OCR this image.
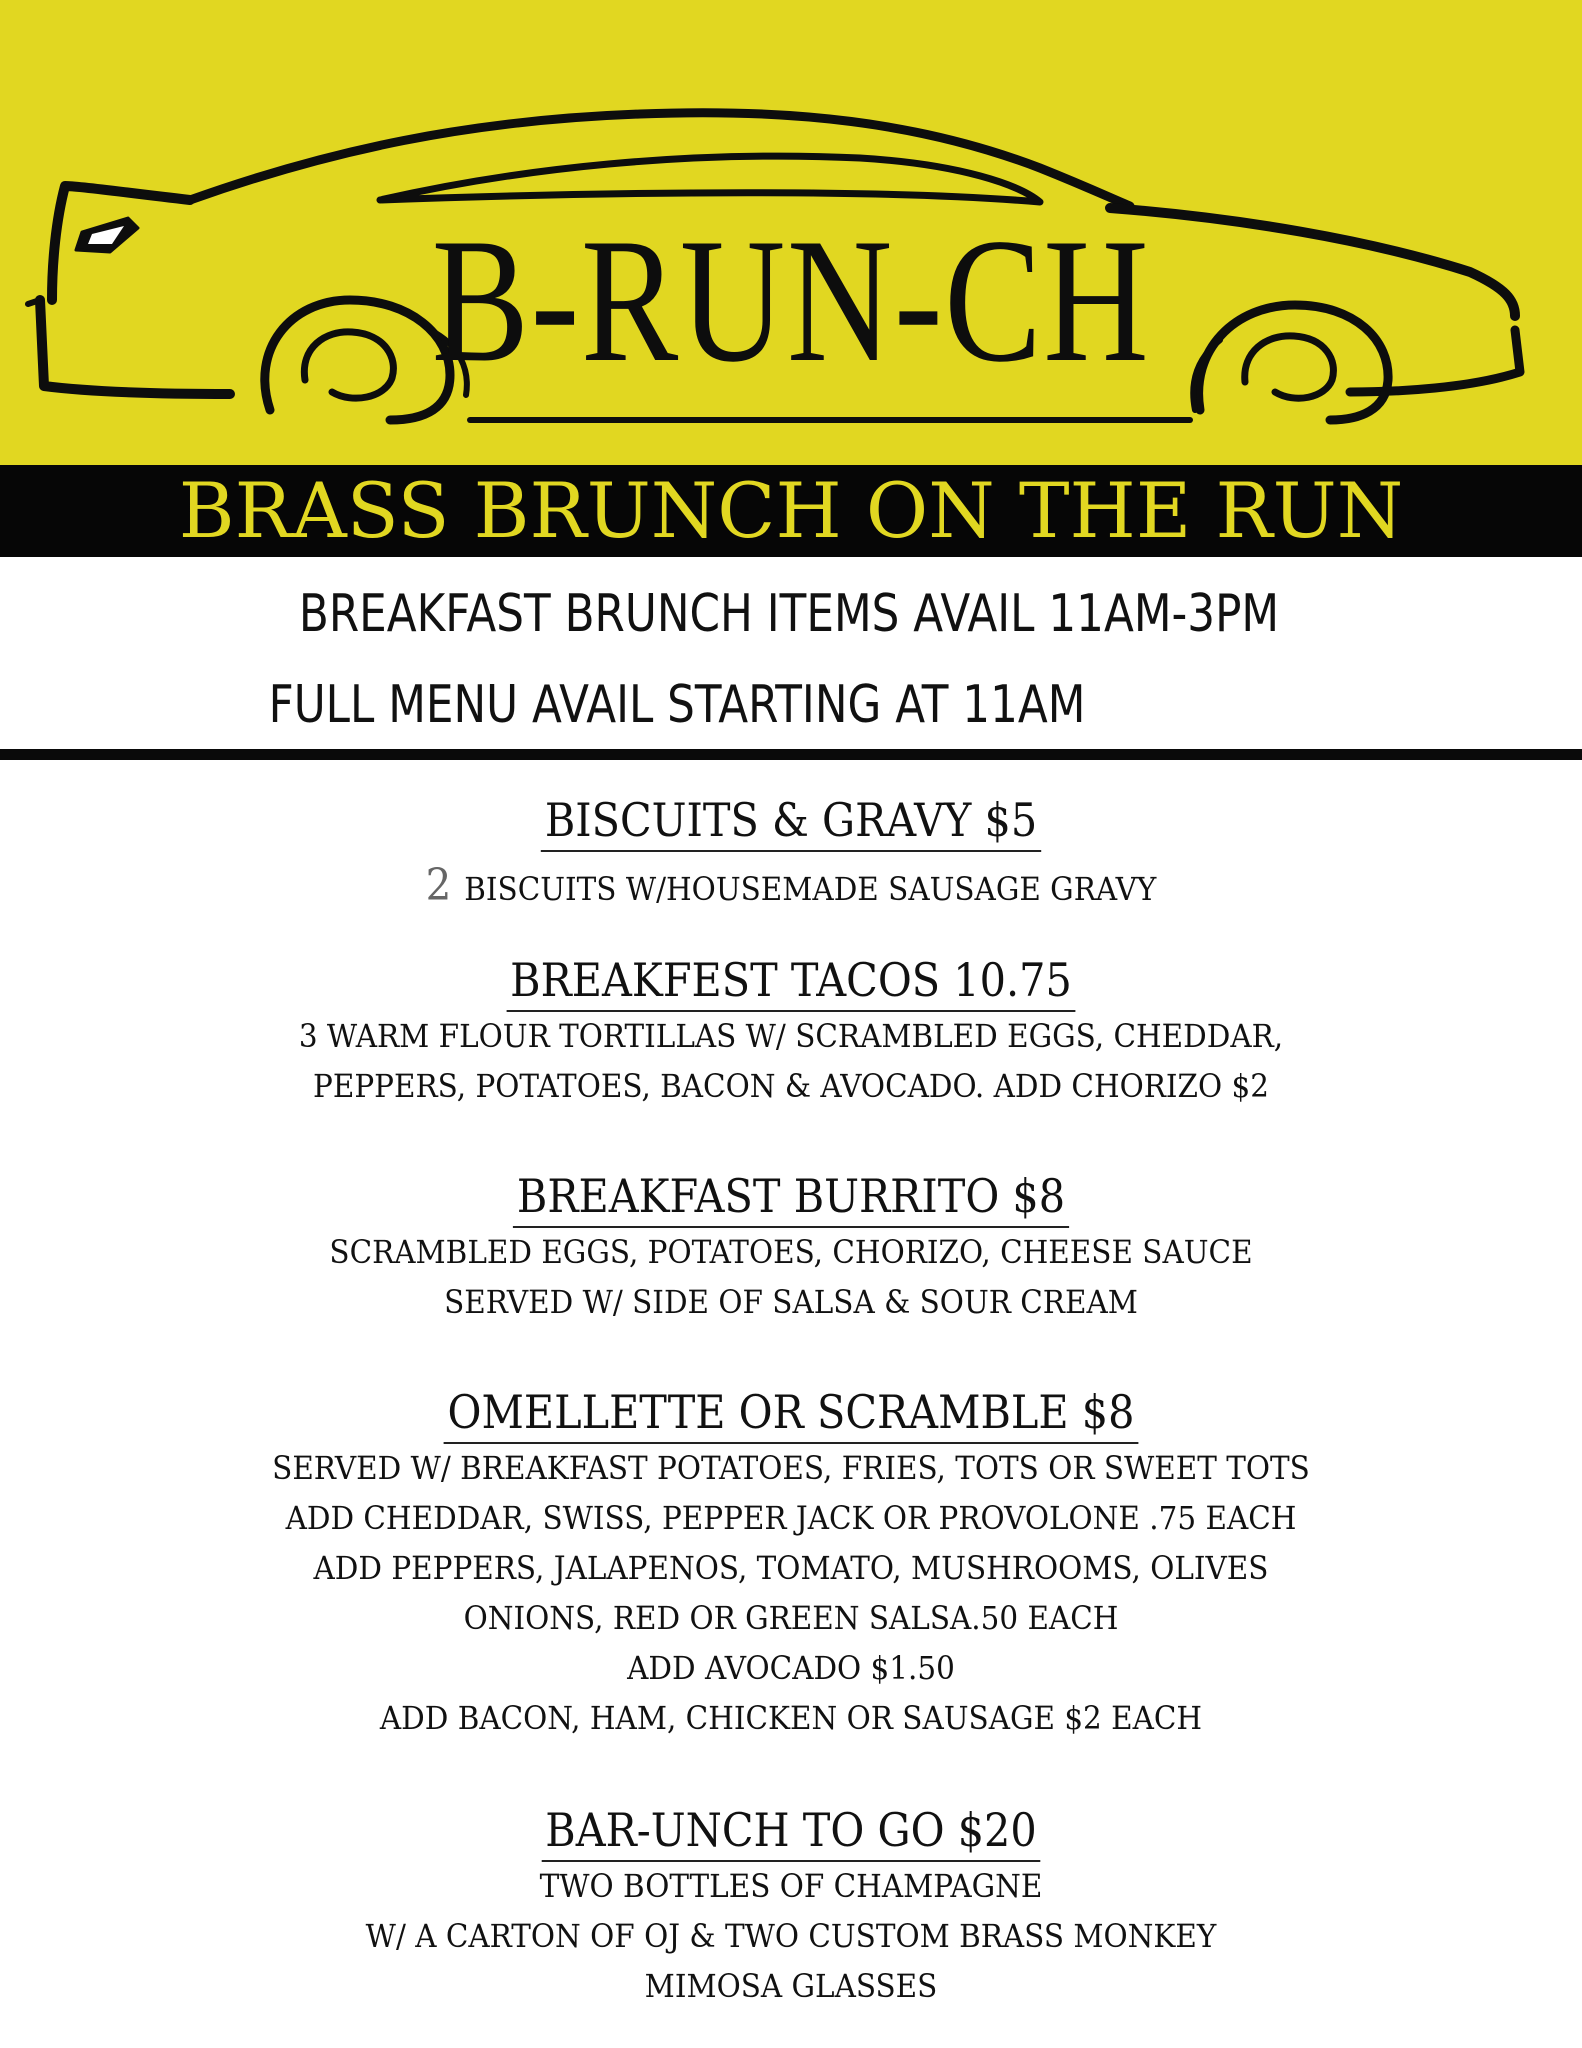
B-RUN-CH
BRASS BRUNCH ON THE RUN
BREAKFAST BRUNCH ITEMS AVAIL 11AM-3PM
FULL MENU AVAIL STARTING AT 11AM
BISCUITS & GRAVY $5
2 BISCUITS W/HOUSEMADE SAUSAGE GRAVY
BREAKFEST TACOS 10.75
3 WARM FLOUR TORTILLAS W/ SCRAMBLED EGGS, CHEDDAR,
PEPPERS, POTATOES, BACON & AVOCADO. ADD CHORIZO $2
BREAKFAST BURRITO $8
SCRAMBLED EGGS, POTATOES, CHORIZO, CHEESE SAUCE
SERVED W/ SIDE OF SALSA & SOUR CREAM
OMELLETTE OR SCRAMBLE $8
SERVED W/ BREAKFAST POTATOES, FRIES, TOTS OR SWEET TOTS
ADD CHEDDAR, SWISS, PEPPER JACK OR PROVOLONE .75 EACH
ADD PEPPERS, JALAPENOS, TOMATO, MUSHROOMS, OLIVES
ONIONS, RED OR GREEN SALSA.50 EACH
ADD AVOCADO $1.50
ADD BACON, HAM, CHICKEN OR SAUSAGE $2 EACH
BAR-UNCH TO GO $20
TWO BOTTLES OF CHAMPAGNE
W/ A CARTON OF OJ & TWO CUSTOM BRASS MONKEY
MIMOSA GLASSES
